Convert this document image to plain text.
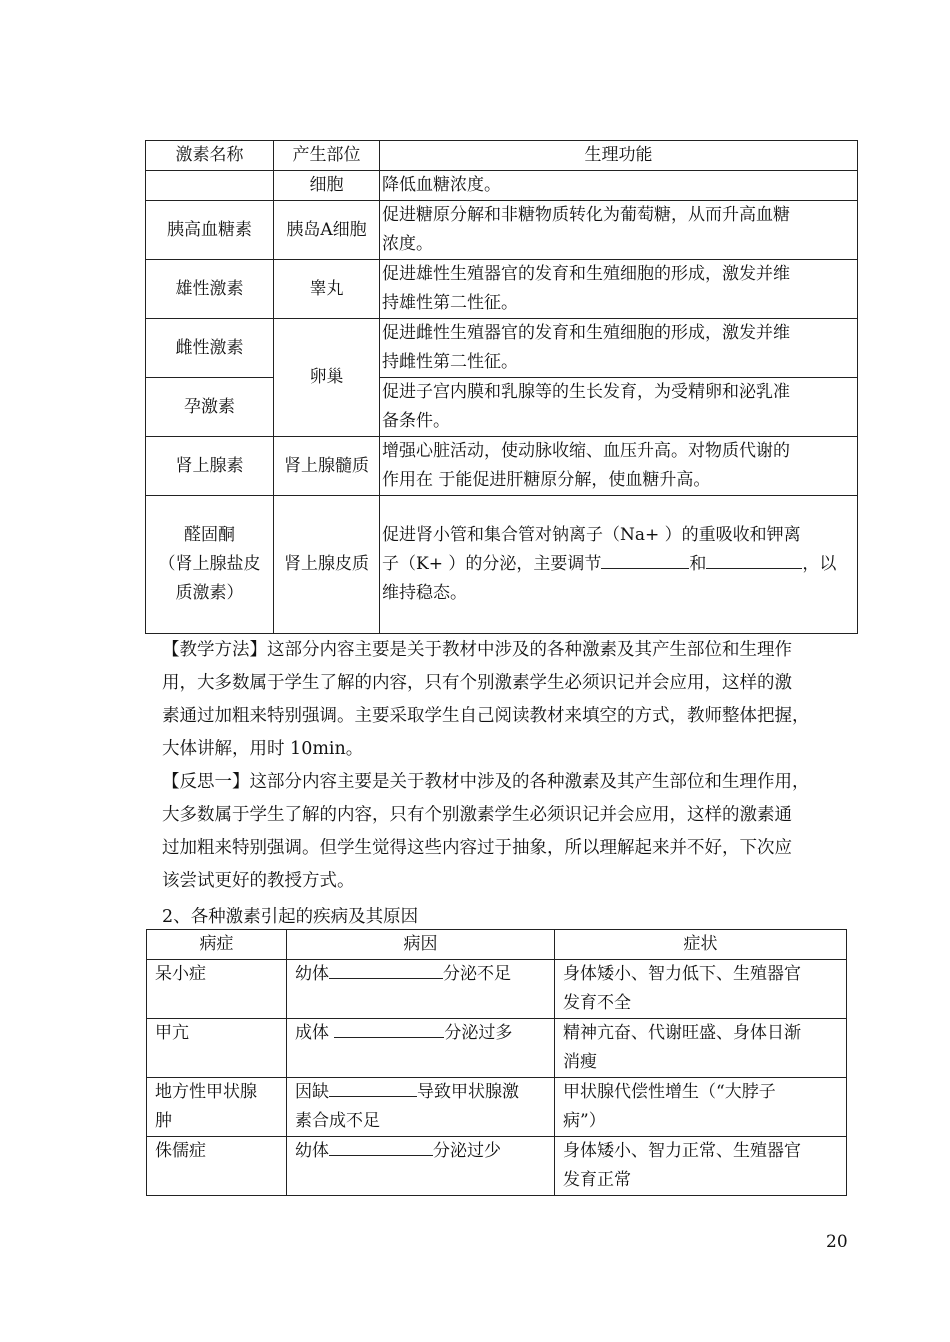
激素名称	产生部位	生理功能
	细胞	降低血糖浓度。
胰高血糖素	胰岛A细胞	促进糖原分解和非糖物质转化为葡萄糖，从而升高血糖
浓度。
雄性激素	睾丸	促进雄性生殖器官的发育和生殖细胞的形成，激发并维
持雄性第二性征。
雌性激素	卵巢	促进雌性生殖器官的发育和生殖细胞的形成，激发并维
持雌性第二性征。
孕激素		促进子宫内膜和乳腺等的生长发育，为受精卵和泌乳准
备条件。
肾上腺素	肾上腺髓质	增强心脏活动，使动脉收缩、血压升高。对物质代谢的
作用在 于能促进肝糖原分解，使血糖升高。
醛固酮
（肾上腺盐皮
质激素）	肾上腺皮质	促进肾小管和集合管对钠离子（Na+ ）的重吸收和钾离
子（K+ ）的分泌，主要调节 和 ，以
维持稳态。
【教学方法】这部分内容主要是关于教材中涉及的各种激素及其产生部位和生理作
用，大多数属于学生了解的内容，只有个别激素学生必须识记并会应用，这样的激
素通过加粗来特别强调。主要采取学生自己阅读教材来填空的方式，教师整体把握，
大体讲解，用时 10min。
【反思一】这部分内容主要是关于教材中涉及的各种激素及其产生部位和生理作用，
大多数属于学生了解的内容，只有个别激素学生必须识记并会应用，这样的激素通
过加粗来特别强调。但学生觉得这些内容过于抽象，所以理解起来并不好，下次应
该尝试更好的教授方式。
2、各种激素引起的疾病及其原因
病症	病因	症状
呆小症	幼体 分泌不足	身体矮小、智力低下、生殖器官
发育不全
甲亢	成体 分泌过多	精神亢奋、代谢旺盛、身体日渐
消瘦
地方性甲状腺
肿	因缺 导致甲状腺激
素合成不足	甲状腺代偿性增生（“大脖子
病”）
侏儒症	幼体 分泌过少	身体矮小、智力正常、生殖器官
发育正常
20
